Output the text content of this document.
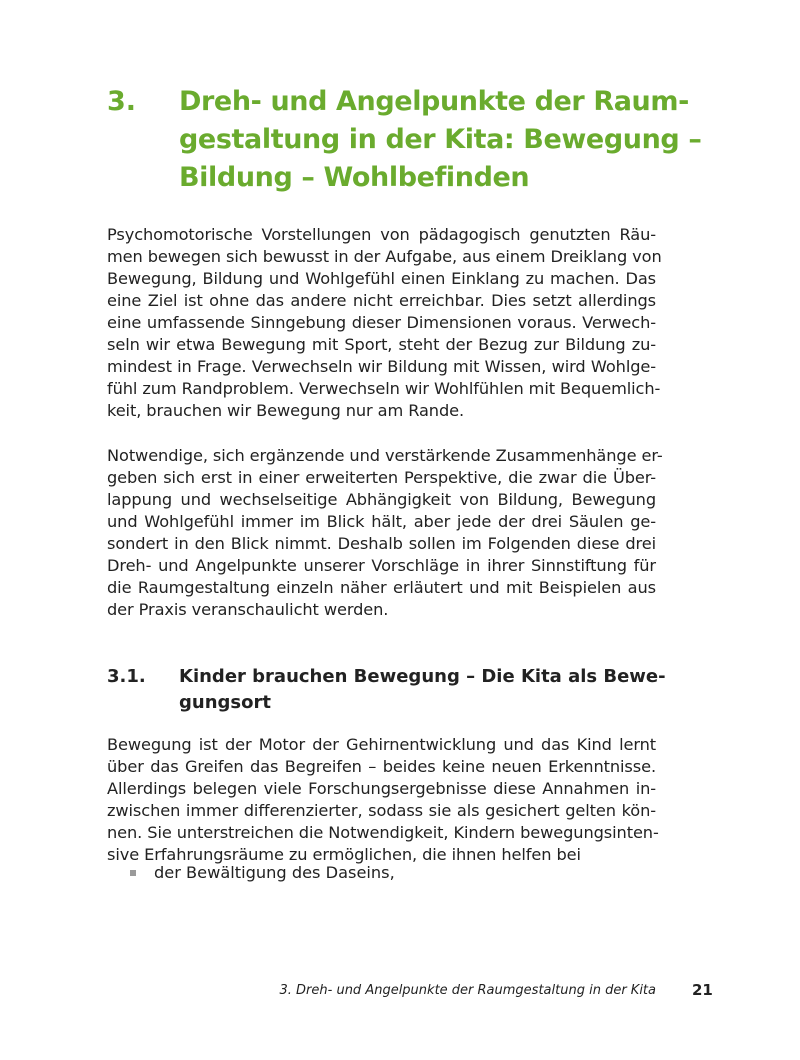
3. Dreh- und Angelpunkte der Raum-
gestaltung in der Kita: Bewegung –
Bildung – Wohlbefinden
Psychomotorische Vorstellungen von pädagogisch genutzten Räu-
men bewegen sich bewusst in der Aufgabe, aus einem Dreiklang von
Bewegung, Bildung und Wohlgefühl einen Einklang zu machen. Das
eine Ziel ist ohne das andere nicht erreichbar. Dies setzt allerdings
eine umfassende Sinngebung dieser Dimensionen voraus. Verwech-
seln wir etwa Bewegung mit Sport, steht der Bezug zur Bildung zu-
mindest in Frage. Verwechseln wir Bildung mit Wissen, wird Wohlge-
fühl zum Randproblem. Verwechseln wir Wohlfühlen mit Bequemlich-
keit, brauchen wir Bewegung nur am Rande.
Notwendige, sich ergänzende und verstärkende Zusammenhänge er-
geben sich erst in einer erweiterten Perspektive, die zwar die Über-
lappung und wechselseitige Abhängigkeit von Bildung, Bewegung
und Wohlgefühl immer im Blick hält, aber jede der drei Säulen ge-
sondert in den Blick nimmt. Deshalb sollen im Folgenden diese drei
Dreh- und Angelpunkte unserer Vorschläge in ihrer Sinnstiftung für
die Raumgestaltung einzeln näher erläutert und mit Beispielen aus
der Praxis veranschaulicht werden.
3.1. Kinder brauchen Bewegung – Die Kita als Bewe-
gungsort
Bewegung ist der Motor der Gehirnentwicklung und das Kind lernt
über das Greifen das Begreifen – beides keine neuen Erkenntnisse.
Allerdings belegen viele Forschungsergebnisse diese Annahmen in-
zwischen immer differenzierter, sodass sie als gesichert gelten kön-
nen. Sie unterstreichen die Notwendigkeit, Kindern bewegungsinten-
sive Erfahrungsräume zu ermöglichen, die ihnen helfen bei
der Bewältigung des Daseins,
3. Dreh- und Angelpunkte der Raumgestaltung in der Kita 21
